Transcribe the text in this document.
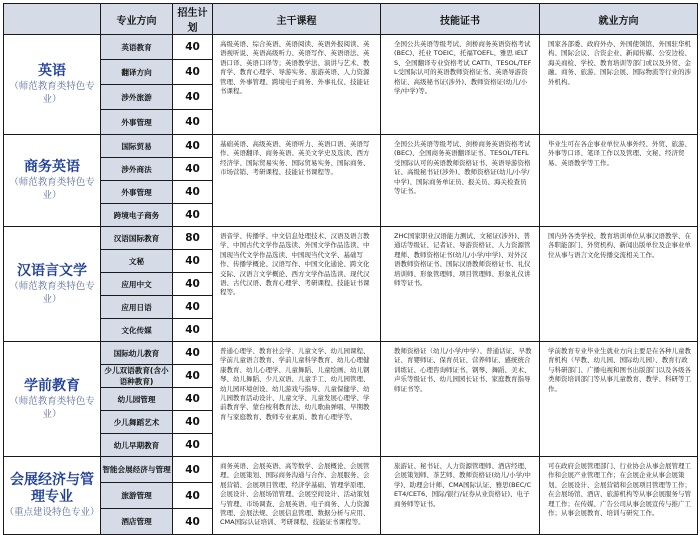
	专业方向	招生计划	主干课程	技能证书	就业方向

英语
（师范教育类特色专业）	英语教育	40	高级英语、综合英语、英语阅读、英语外报阅读、英语视听说、英语高级听力、英语写作、英语语法、英语口译、英语口译等；英语教学法、演讲与艺术、教育学、教育心理学、导游实务、旅游英语、人力资源管理、外事管理、跨境电子商务、外事礼仪、技能证书课程。	全国公共英语等级考试、剑桥商务英语资格考试(BEC)、托业 TOEIC、托福TOEFL、雅思 IELTS、全国翻译专业资格考试 CATTI、TESOL/TEFL受国际认可的英语教师资格证书、英语导游资格证、高级秘书证(涉外)、教师资格证(幼儿/小学/中学)等。	国家各部委、政府外办、外国使领馆、外国驻华机构、国际会议、合资企业、新闻传媒、公安边检、海关商检、学校、教育培训等部门或以及外贸、金融、商务、旅游、国际会展、国际物流等行业的涉外机构。
	翻译方向	40			
	涉外旅游	40			
	外事管理	40			

商务英语
（师范教育类特色专业）	国际贸易	40	基础英语、高级英语、英语听力、英语口语、英语写作、英语翻译、商务英语、英美文学史及选读、西方经济学、国际贸易实务、国际贸易实务、国际商务、市场营销、考研课程、技能证书课程等。	全国公共英语等级考试、剑桥商务英语资格考试(BEC)、全国商务英语翻译证书、TESOL/TEFL受国际认可的英语教师资格证书、英语导游资格证、高级秘书证(涉外)、教师资格证(幼儿/小学/中学)、国际商务单证员、报关员、海关检查员等证书。	毕业生可在各企事业单位从事外经、外贸、旅游、外事等口译、笔译工作以及管理、文秘、经济贸易、英语教学等工作。
	涉外商法	40			
	外事管理	40			
	跨境电子商务	40			

汉语言文学
（师范教育类特色专业）	汉语国际教育	80	语音学、传播学、中文信息处理技术、汉语及语言教学、中国古代文学作品选读、外国文学作品选读、中国现当代文学作品选读、中国现当代文学、基础写作、传播学概论、汉语写作、中国文化通论、跨文化交际、汉语言文学概论、西方文学作品选读、现代汉语、古代汉语、教育心理学、考研课程、技能证书课程等。	ZHC国家职业汉语能力测试、文秘证(涉外)、普通话等级证、记者证、导游资格证、人力资源管理师、教师资格证书(幼儿/小学/中学)、对外汉语教师资格证书、国际汉语教师资格证书、礼仪培训师、形象管理师、项目管理师、形象礼仪讲师等证书。	国内外各类学校、教育培训单位从事汉语教学、在各职能部门、外贸机构、新闻出版单位及企事业单位从事与语言文化传播交流相关工作。
	文秘	40			
	应用中文	40			
	应用日语	40			
	文化传媒	40			

学前教育
（师范教育类特色专业）	国际幼儿教育	40	普通心理学、教育社会学、儿童文学、幼儿园课程、学前儿童语言教育、学前儿童科学教育、幼儿心理健康教育、幼儿心理学、儿童舞蹈、儿童绘画、幼儿钢琴、幼儿舞蹈、少儿双语、儿童手工、幼儿园管理、幼儿园环境创设、幼儿游戏与指导、儿童保健学、幼儿园教育活动设计、儿童文学、儿童发展心理学、学前教育学、蒙台梭利教育法、幼儿歌曲弹唱、早期教育与家庭教育、教师专业素质、教育心理学等。	教师资格证（幼儿/小学/中学）、普通话证、早教证、育婴师证、保育员证、营养师证、感统统合训练证、心理咨询师证书、钢琴、舞蹈、美术、声乐等级证书、幼儿园园长证书、家庭教育指导师证书等。	学前教育专业毕业生就业方向主要是在各种儿童教育机构（早教、幼儿园、国际幼儿园）、教育行政与科研部门、广播电视和图书出版部门以及各级各类师资培训部门等从事儿童教育、教学、科研等工作。
	少儿双语教育(含小语种教育)	40			
	幼儿园管理	40			
	少儿舞蹈艺术	40			
	幼儿早期教育	40			

会展经济与管理专业
（重点建设特色专业）	智能会展经济与管理	40	商务英语、会展英语、高等数学、会展概论、会展管理、会展策划、国际商务沟通与合作、会展服务、会展营销、会展项目管理、经济学基础、管理学原理、会展设计、会展场馆管理、会展空间设计、活动策划与管理、市场调查、会展英语、电子商务、人力资源管理、会展法规、会展信息管理、数据分析与应用、CMA国际认证培训、考研课程、技能证书课程等。	旅游证、秘书证、人力资源管理师、酒店经理、会展策划师、茶艺师、教师资格证(幼儿/小学/中学)、助理会计师、CMA国际认证、雅思(BEC/CET4/CET6、国际/银行/证券从业资格证)、电子商务师等证书。	可在政府会展管理部门、行业协会从事会展管理工作和会展产业管理工作；在会展企业从事会展策划、会展设计、会展营销和会展项目管理等工作；在会展场馆、酒店、旅游机构等从事会展服务与管理工作；在传媒、广告公司从事会展宣传与推广工作；从事会展教育、培训与研究工作。
	旅游管理	40			
	酒店管理	40			
